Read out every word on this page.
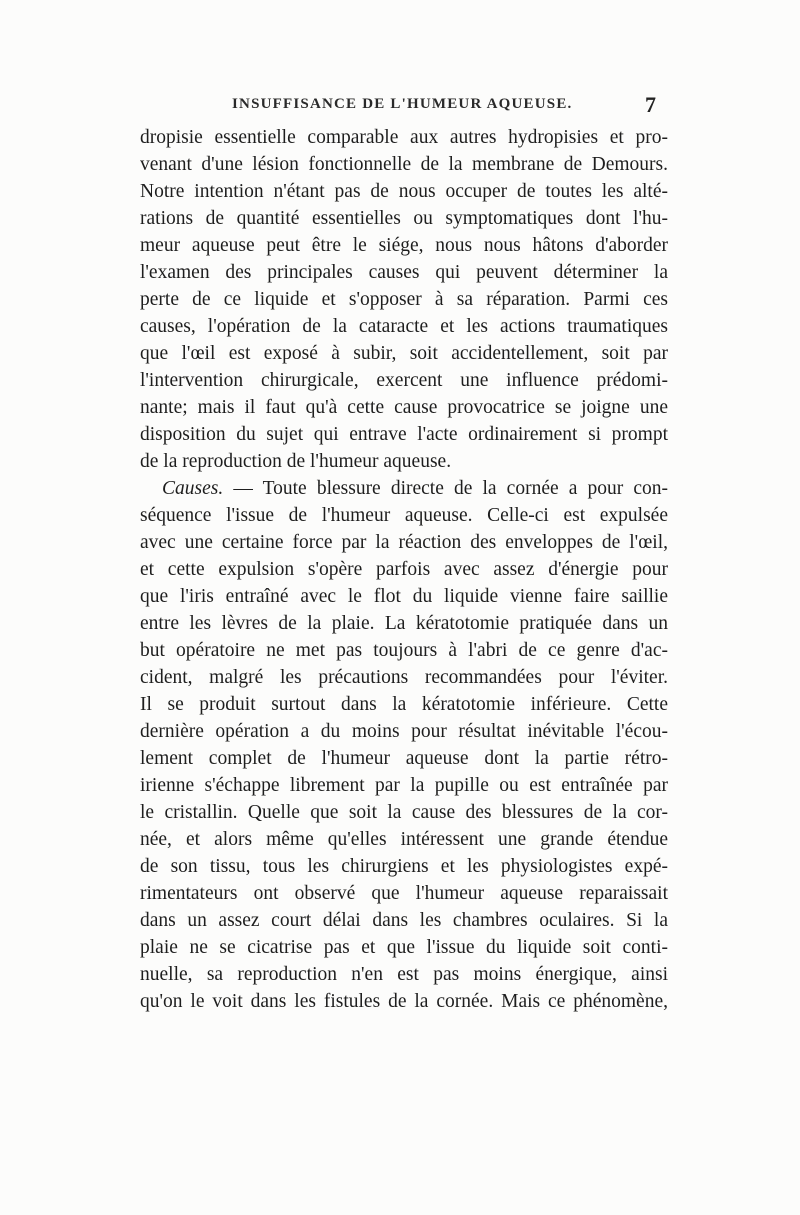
INSUFFISANCE DE L'HUMEUR AQUEUSE.	7
dropisie essentielle comparable aux autres hydropisies et pro-
venant d'une lésion fonctionnelle de la membrane de Demours.
Notre intention n'étant pas de nous occuper de toutes les alté-
rations de quantité essentielles ou symptomatiques dont l'hu-
meur aqueuse peut être le siége, nous nous hâtons d'aborder
l'examen des principales causes qui peuvent déterminer la
perte de ce liquide et s'opposer à sa réparation. Parmi ces
causes, l'opération de la cataracte et les actions traumatiques
que l'œil est exposé à subir, soit accidentellement, soit par
l'intervention chirurgicale, exercent une influence prédomi-
nante; mais il faut qu'à cette cause provocatrice se joigne une
disposition du sujet qui entrave l'acte ordinairement si prompt
de la reproduction de l'humeur aqueuse.
Causes. — Toute blessure directe de la cornée a pour con-
séquence l'issue de l'humeur aqueuse. Celle-ci est expulsée
avec une certaine force par la réaction des enveloppes de l'œil,
et cette expulsion s'opère parfois avec assez d'énergie pour
que l'iris entraîné avec le flot du liquide vienne faire saillie
entre les lèvres de la plaie. La kératotomie pratiquée dans un
but opératoire ne met pas toujours à l'abri de ce genre d'ac-
cident, malgré les précautions recommandées pour l'éviter.
Il se produit surtout dans la kératotomie inférieure. Cette
dernière opération a du moins pour résultat inévitable l'écou-
lement complet de l'humeur aqueuse dont la partie rétro-
irienne s'échappe librement par la pupille ou est entraînée par
le cristallin. Quelle que soit la cause des blessures de la cor-
née, et alors même qu'elles intéressent une grande étendue
de son tissu, tous les chirurgiens et les physiologistes expé-
rimentateurs ont observé que l'humeur aqueuse reparaissait
dans un assez court délai dans les chambres oculaires. Si la
plaie ne se cicatrise pas et que l'issue du liquide soit conti-
nuelle, sa reproduction n'en est pas moins énergique, ainsi
qu'on le voit dans les fistules de la cornée. Mais ce phénomène,
